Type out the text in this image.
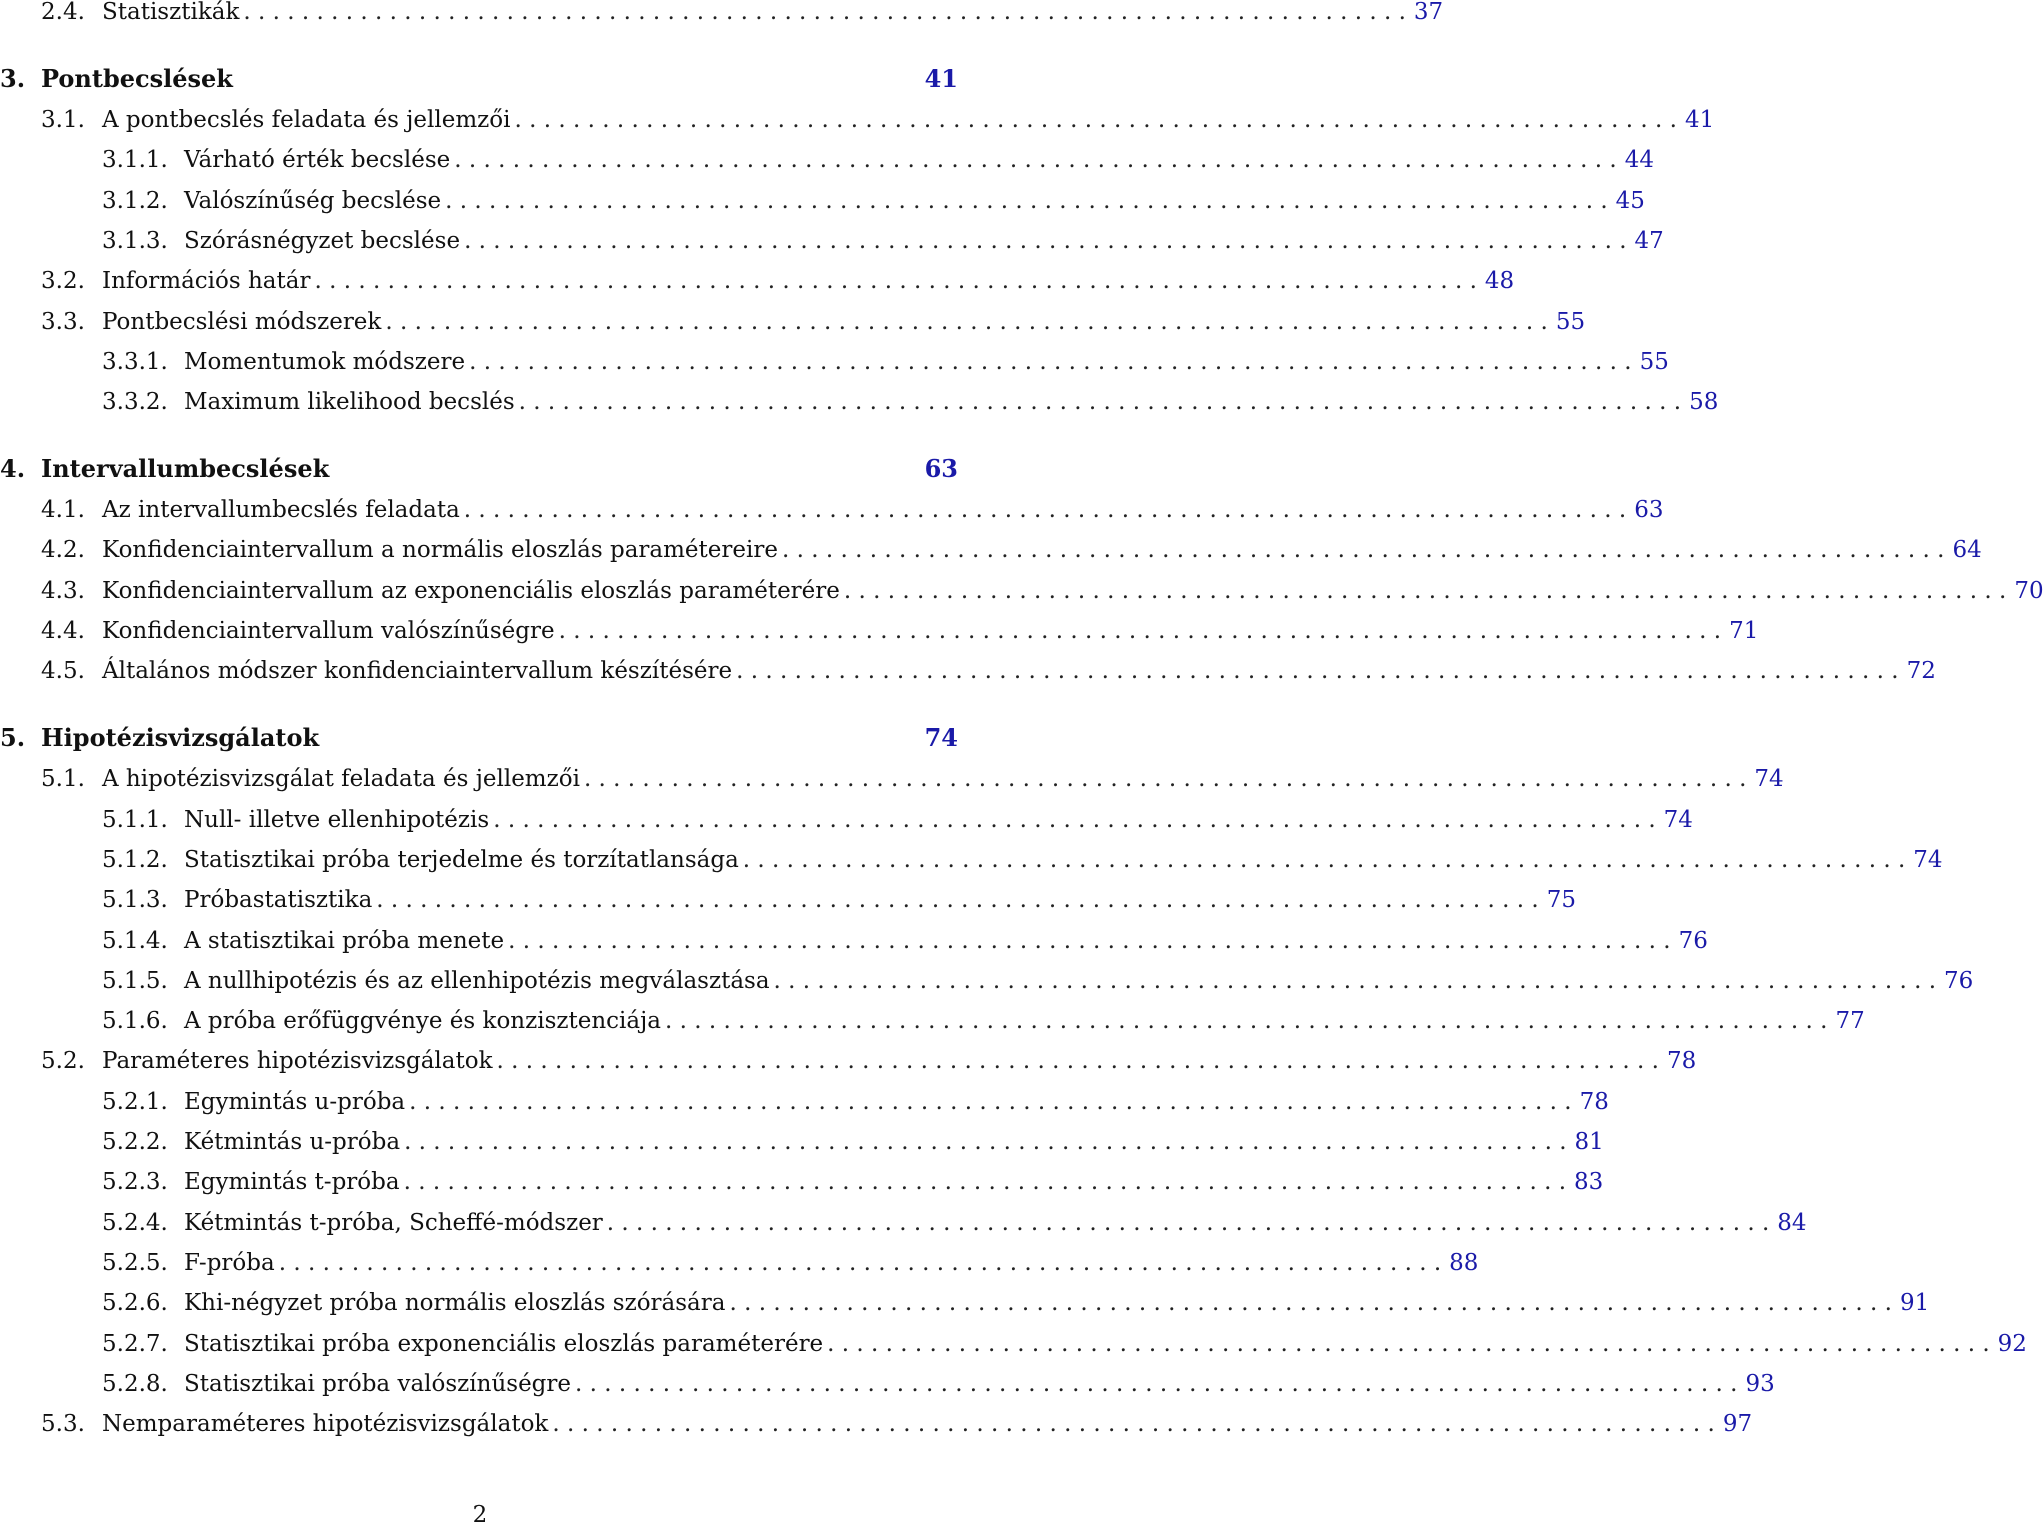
2.4. Statisztikák . . . . . . . . . . . . . . . . . . . . . . . . . . . . . . . . . . . . . . . . . . . . . . . . . . . . . . . . . . . . . . . . . . . . . . . . . . . . . . . . 37
3. Pontbecslések	41
3.1. A pontbecslés feladata és jellemzői . . . . . . . . . . . . . . . . . . . . . . . . . . . . . . . . . . . . . . . . . . . . . . . . . . . . . . . . . . . . . . . . . . . . . . . . . . . . . . . . 41
3.1.1. Várható érték becslése . . . . . . . . . . . . . . . . . . . . . . . . . . . . . . . . . . . . . . . . . . . . . . . . . . . . . . . . . . . . . . . . . . . . . . . . . . . . . . . . 44
3.1.2. Valószínűség becslése . . . . . . . . . . . . . . . . . . . . . . . . . . . . . . . . . . . . . . . . . . . . . . . . . . . . . . . . . . . . . . . . . . . . . . . . . . . . . . . . 45
3.1.3. Szórásnégyzet becslése . . . . . . . . . . . . . . . . . . . . . . . . . . . . . . . . . . . . . . . . . . . . . . . . . . . . . . . . . . . . . . . . . . . . . . . . . . . . . . . . 47
3.2. Információs határ . . . . . . . . . . . . . . . . . . . . . . . . . . . . . . . . . . . . . . . . . . . . . . . . . . . . . . . . . . . . . . . . . . . . . . . . . . . . . . . . 48
3.3. Pontbecslési módszerek . . . . . . . . . . . . . . . . . . . . . . . . . . . . . . . . . . . . . . . . . . . . . . . . . . . . . . . . . . . . . . . . . . . . . . . . . . . . . . . . 55
3.3.1. Momentumok módszere . . . . . . . . . . . . . . . . . . . . . . . . . . . . . . . . . . . . . . . . . . . . . . . . . . . . . . . . . . . . . . . . . . . . . . . . . . . . . . . . 55
3.3.2. Maximum likelihood becslés . . . . . . . . . . . . . . . . . . . . . . . . . . . . . . . . . . . . . . . . . . . . . . . . . . . . . . . . . . . . . . . . . . . . . . . . . . . . . . . . 58
4. Intervallumbecslések	63
4.1. Az intervallumbecslés feladata . . . . . . . . . . . . . . . . . . . . . . . . . . . . . . . . . . . . . . . . . . . . . . . . . . . . . . . . . . . . . . . . . . . . . . . . . . . . . . . . 63
4.2. Konfidenciaintervallum a normális eloszlás paramétereire . . . . . . . . . . . . . . . . . . . . . . . . . . . . . . . . . . . . . . . . . . . . . . . . . . . . . . . . . . . . . . . . . . . . . . . . . . . . . . . . 64
4.3. Konfidenciaintervallum az exponenciális eloszlás paraméterére . . . . . . . . . . . . . . . . . . . . . . . . . . . . . . . . . . . . . . . . . . . . . . . . . . . . . . . . . . . . . . . . . . . . . . . . . . . . . . . . 70
4.4. Konfidenciaintervallum valószínűségre . . . . . . . . . . . . . . . . . . . . . . . . . . . . . . . . . . . . . . . . . . . . . . . . . . . . . . . . . . . . . . . . . . . . . . . . . . . . . . . . 71
4.5. Általános módszer konfidenciaintervallum készítésére . . . . . . . . . . . . . . . . . . . . . . . . . . . . . . . . . . . . . . . . . . . . . . . . . . . . . . . . . . . . . . . . . . . . . . . . . . . . . . . . 72
5. Hipotézisvizsgálatok	74
5.1. A hipotézisvizsgálat feladata és jellemzői . . . . . . . . . . . . . . . . . . . . . . . . . . . . . . . . . . . . . . . . . . . . . . . . . . . . . . . . . . . . . . . . . . . . . . . . . . . . . . . . 74
5.1.1. Null- illetve ellenhipotézis . . . . . . . . . . . . . . . . . . . . . . . . . . . . . . . . . . . . . . . . . . . . . . . . . . . . . . . . . . . . . . . . . . . . . . . . . . . . . . . . 74
5.1.2. Statisztikai próba terjedelme és torzítatlansága . . . . . . . . . . . . . . . . . . . . . . . . . . . . . . . . . . . . . . . . . . . . . . . . . . . . . . . . . . . . . . . . . . . . . . . . . . . . . . . . 74
5.1.3. Próbastatisztika . . . . . . . . . . . . . . . . . . . . . . . . . . . . . . . . . . . . . . . . . . . . . . . . . . . . . . . . . . . . . . . . . . . . . . . . . . . . . . . . 75
5.1.4. A statisztikai próba menete . . . . . . . . . . . . . . . . . . . . . . . . . . . . . . . . . . . . . . . . . . . . . . . . . . . . . . . . . . . . . . . . . . . . . . . . . . . . . . . . 76
5.1.5. A nullhipotézis és az ellenhipotézis megválasztása . . . . . . . . . . . . . . . . . . . . . . . . . . . . . . . . . . . . . . . . . . . . . . . . . . . . . . . . . . . . . . . . . . . . . . . . . . . . . . . . 76
5.1.6. A próba erőfüggvénye és konzisztenciája . . . . . . . . . . . . . . . . . . . . . . . . . . . . . . . . . . . . . . . . . . . . . . . . . . . . . . . . . . . . . . . . . . . . . . . . . . . . . . . . 77
5.2. Paraméteres hipotézisvizsgálatok . . . . . . . . . . . . . . . . . . . . . . . . . . . . . . . . . . . . . . . . . . . . . . . . . . . . . . . . . . . . . . . . . . . . . . . . . . . . . . . . 78
5.2.1. Egymintás u-próba . . . . . . . . . . . . . . . . . . . . . . . . . . . . . . . . . . . . . . . . . . . . . . . . . . . . . . . . . . . . . . . . . . . . . . . . . . . . . . . . 78
5.2.2. Kétmintás u-próba . . . . . . . . . . . . . . . . . . . . . . . . . . . . . . . . . . . . . . . . . . . . . . . . . . . . . . . . . . . . . . . . . . . . . . . . . . . . . . . . 81
5.2.3. Egymintás t-próba . . . . . . . . . . . . . . . . . . . . . . . . . . . . . . . . . . . . . . . . . . . . . . . . . . . . . . . . . . . . . . . . . . . . . . . . . . . . . . . . 83
5.2.4. Kétmintás t-próba, Scheffé-módszer . . . . . . . . . . . . . . . . . . . . . . . . . . . . . . . . . . . . . . . . . . . . . . . . . . . . . . . . . . . . . . . . . . . . . . . . . . . . . . . . 84
5.2.5. F-próba . . . . . . . . . . . . . . . . . . . . . . . . . . . . . . . . . . . . . . . . . . . . . . . . . . . . . . . . . . . . . . . . . . . . . . . . . . . . . . . . 88
5.2.6. Khi-négyzet próba normális eloszlás szórására . . . . . . . . . . . . . . . . . . . . . . . . . . . . . . . . . . . . . . . . . . . . . . . . . . . . . . . . . . . . . . . . . . . . . . . . . . . . . . . . 91
5.2.7. Statisztikai próba exponenciális eloszlás paraméterére . . . . . . . . . . . . . . . . . . . . . . . . . . . . . . . . . . . . . . . . . . . . . . . . . . . . . . . . . . . . . . . . . . . . . . . . . . . . . . . . 92
5.2.8. Statisztikai próba valószínűségre . . . . . . . . . . . . . . . . . . . . . . . . . . . . . . . . . . . . . . . . . . . . . . . . . . . . . . . . . . . . . . . . . . . . . . . . . . . . . . . . 93
5.3. Nemparaméteres hipotézisvizsgálatok . . . . . . . . . . . . . . . . . . . . . . . . . . . . . . . . . . . . . . . . . . . . . . . . . . . . . . . . . . . . . . . . . . . . . . . . . . . . . . . . 97
2
